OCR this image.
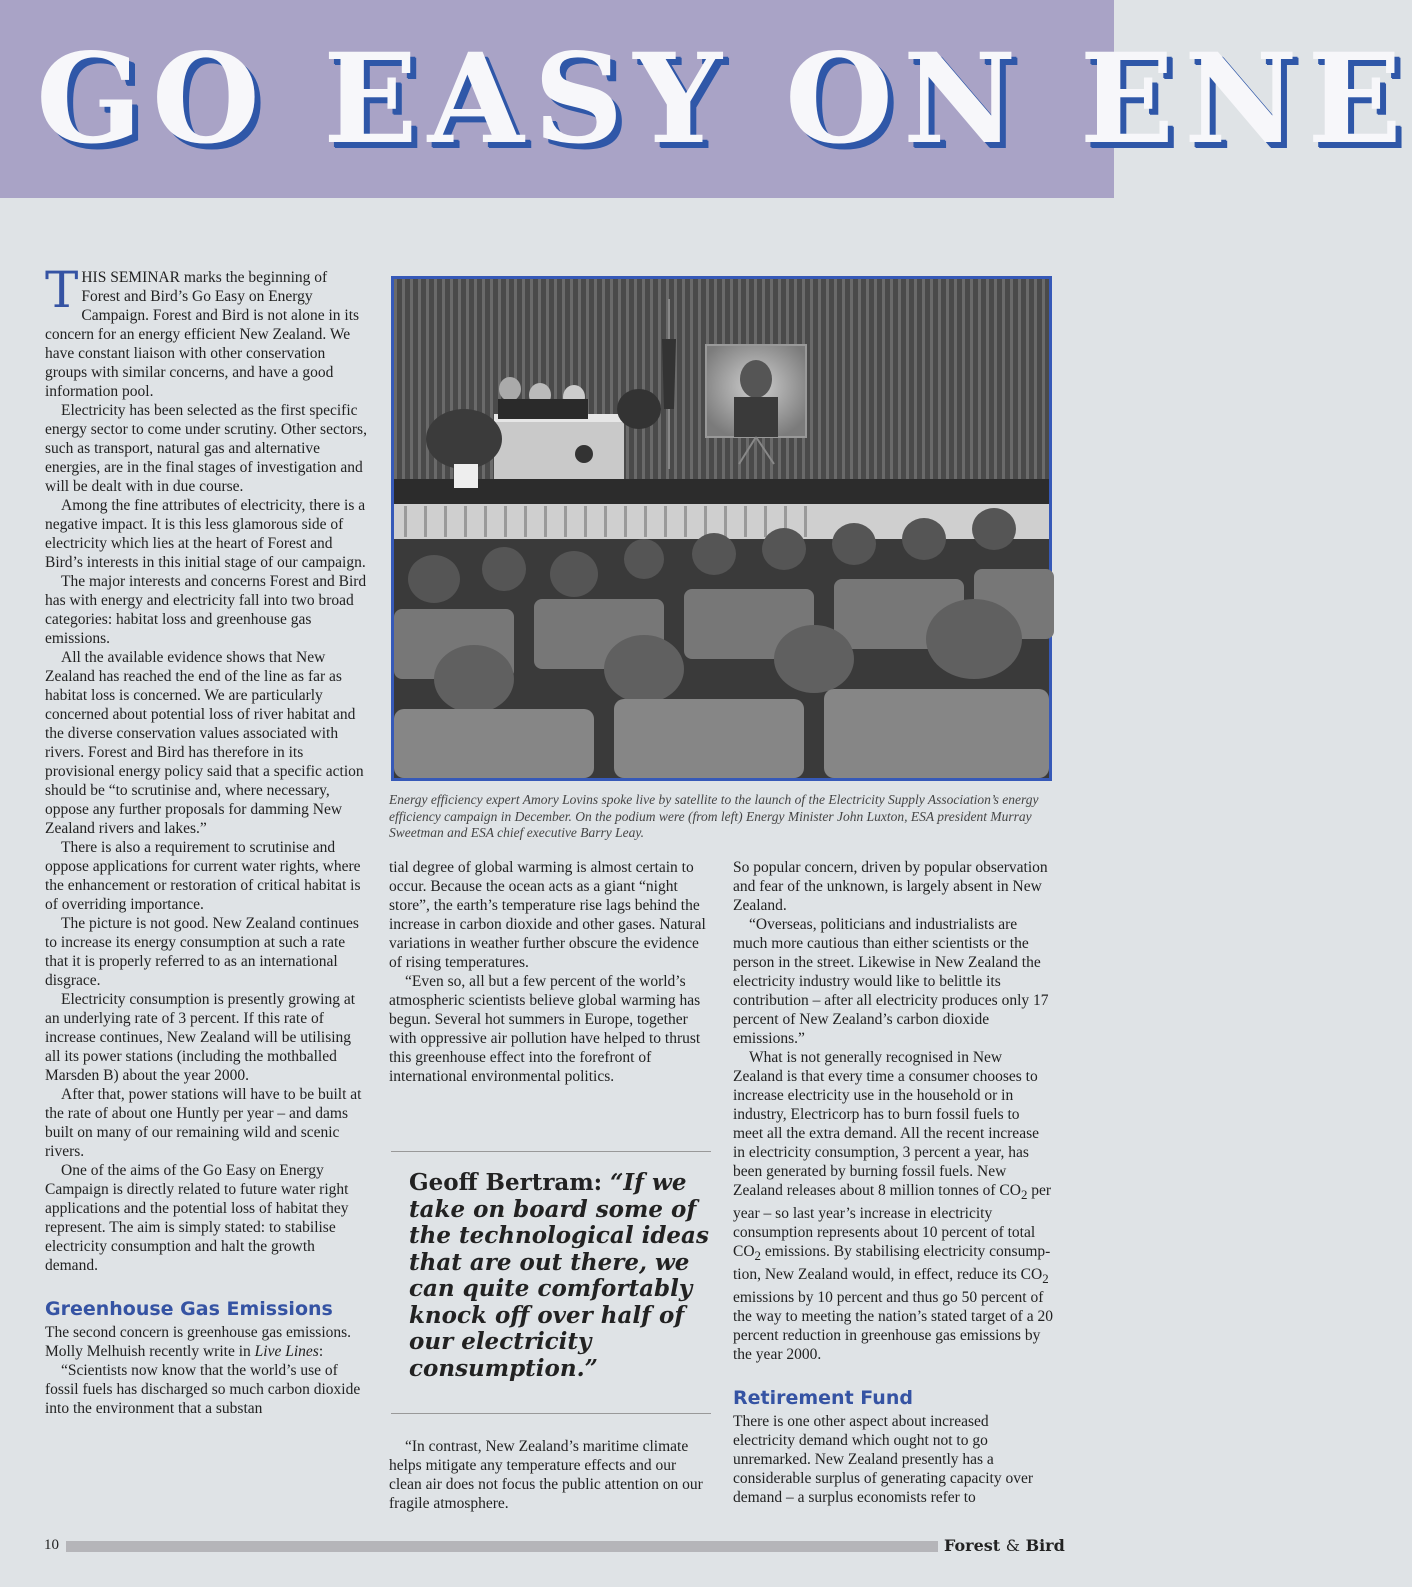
GO EASY ON ENE

THIS SEMINAR marks the beginning of Forest and Bird’s Go Easy on Energy Campaign. Forest and Bird is not alone in its concern for an energy efficient New Zealand. We have constant liaison with other conservation groups with similar concerns, and have a good information pool.

Electricity has been selected as the first specific energy sector to come under scrutiny. Other sectors, such as transport, natural gas and alternative energies, are in the final stages of investigation and will be dealt with in due course.

Among the fine attributes of electricity, there is a negative impact. It is this less glamorous side of electricity which lies at the heart of Forest and Bird’s interests in this initial stage of our campaign.

The major interests and concerns Forest and Bird has with energy and electricity fall into two broad categories: habitat loss and greenhouse gas emissions.

All the available evidence shows that New Zealand has reached the end of the line as far as habitat loss is concerned. We are particularly concerned about potential loss of river habitat and the diverse conservation values associated with rivers. Forest and Bird has therefore in its provisional energy policy said that a specific action should be “to scrutinise and, where necessary, oppose any further proposals for damming New Zealand rivers and lakes.”

There is also a requirement to scrutinise and oppose applications for current water rights, where the enhancement or restoration of critical habitat is of overriding importance.

The picture is not good. New Zealand continues to increase its energy consumption at such a rate that it is properly referred to as an international disgrace.

Electricity consumption is presently growing at an underlying rate of 3 percent. If this rate of increase continues, New Zealand will be utilising all its power stations (including the mothballed Marsden B) about the year 2000.

After that, power stations will have to be built at the rate of about one Huntly per year – and dams built on many of our remaining wild and scenic rivers.

One of the aims of the Go Easy on Energy Campaign is directly related to future water right applications and the potential loss of habitat they represent. The aim is simply stated: to stabilise electricity consumption and halt the growth demand.

Greenhouse Gas Emissions

The second concern is greenhouse gas emissions. Molly Melhuish recently write in Live Lines:

“Scientists now know that the world’s use of fossil fuels has discharged so much carbon dioxide into the environment that a substan

Energy efficiency expert Amory Lovins spoke live by satellite to the launch of the Electricity Supply Association’s energy efficiency campaign in December. On the podium were (from left) Energy Minister John Luxton, ESA president Murray Sweetman and ESA chief executive Barry Leay.

tial degree of global warming is almost certain to occur. Because the ocean acts as a giant “night store”, the earth’s temperature rise lags behind the increase in carbon dioxide and other gases. Natural variations in weather further obscure the evidence of rising temperatures.

“Even so, all but a few percent of the world’s atmospheric scientists believe global warming has begun. Several hot summers in Europe, together with oppressive air pollution have helped to thrust this greenhouse effect into the forefront of international environmental politics.

Geoff Bertram: “If we take on board some of the technological ideas that are out there, we can quite comfortably knock off over half of our electricity consumption.”

“In contrast, New Zealand’s maritime climate helps mitigate any temperature effects and our clean air does not focus the public attention on our fragile atmosphere.

So popular concern, driven by popular observation and fear of the unknown, is largely absent in New Zealand.

“Overseas, politicians and industrialists are much more cautious than either scientists or the person in the street. Likewise in New Zealand the electricity industry would like to belittle its contribution – after all electricity produces only 17 percent of New Zealand’s carbon dioxide emissions.”

What is not generally recognised in New Zealand is that every time a consumer chooses to increase electricity use in the household or in industry, Electricorp has to burn fossil fuels to meet all the extra demand. All the recent increase in electricity consumption, 3 percent a year, has been generated by burning fossil fuels. New Zealand releases about 8 million tonnes of $CO_2$ per year – so last year’s increase in electricity consumption represents about 10 percent of total $CO_2$ emissions. By stabilising electricity consumption, New Zealand would, in effect, reduce its $CO_2$ emissions by 10 percent and thus go 50 percent of the way to meeting the nation’s stated target of a 20 percent reduction in greenhouse gas emissions by the year 2000.

Retirement Fund

There is one other aspect about increased electricity demand which ought not to go unremarked. New Zealand presently has a considerable surplus of generating capacity over demand – a surplus economists refer to

10	Forest & Bird
